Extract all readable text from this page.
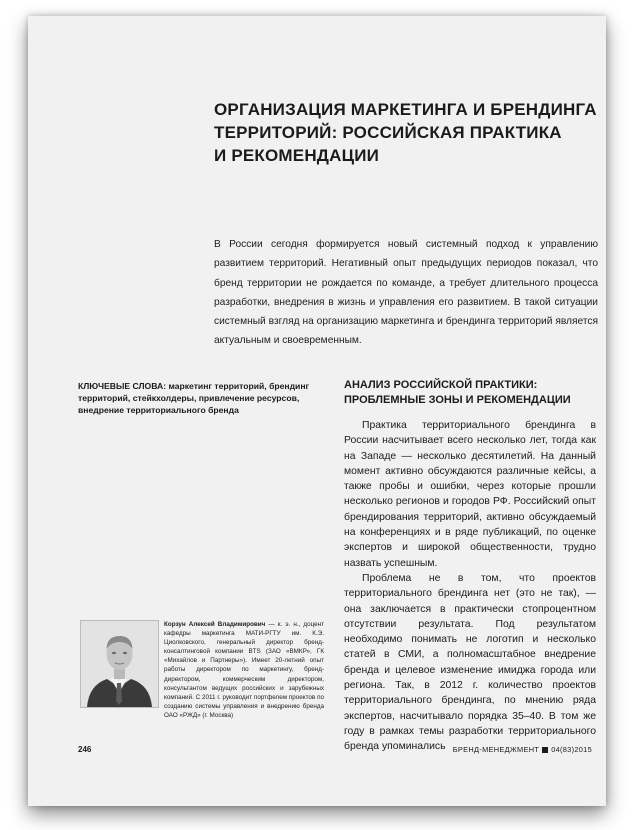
ОРГАНИЗАЦИЯ МАРКЕТИНГА И БРЕНДИНГА
ТЕРРИТОРИЙ: РОССИЙСКАЯ ПРАКТИКА
И РЕКОМЕНДАЦИИ
В России сегодня формируется новый системный подход к управлению развитием территорий. Негативный опыт предыдущих периодов показал, что бренд территории не рождается по команде, а требует длительного процесса разработки, внедрения в жизнь и управления его развитием. В такой ситуации системный взгляд на организацию маркетинга и брендинга территорий является актуальным и своевременным.
КЛЮЧЕВЫЕ СЛОВА: маркетинг территорий, брендинг территорий, стейкхолдеры, привлечение ресурсов, внедрение территориального бренда
АНАЛИЗ РОССИЙСКОЙ ПРАКТИКИ: ПРОБЛЕМНЫЕ ЗОНЫ И РЕКОМЕНДАЦИИ

Практика территориального брендинга в России насчитывает всего несколько лет, тогда как на Западе — несколько десятилетий. На данный момент активно обсуждаются различные кейсы, а также пробы и ошибки, через которые прошли несколько регионов и городов РФ. Российский опыт брендирования территорий, активно обсуждаемый на конференциях и в ряде публикаций, по оценке экспертов и широкой общественности, трудно назвать успешным.

Проблема не в том, что проектов территориального брендинга нет (это не так), — она заключается в практически стопроцентном отсутствии результата. Под результатом необходимо понимать не логотип и несколько статей в СМИ, а полномасштабное внедрение бренда и целевое изменение имиджа города или региона. Так, в 2012 г. количество проектов территориального брендинга, по мнению ряда экспертов, насчитывало порядка 35–40. В том же году в рамках темы разработки территориального бренда упоминались

Корзун Алексей Владимирович — к. э. н., доцент кафедры маркетинга МАТИ-РГТУ им. К.Э. Циолковского, генеральный директор бренд-консалтинговой компании BTS (ЗАО «ВМКР», ГК «Михайлов и Партнеры»). Имеет 20-летний опыт работы директором по маркетингу, бренд-директором, коммерческим директором, консультантом ведущих российских и зарубежных компаний. С 2011 г. руководит портфелем проектов по созданию системы управления и внедрению бренда ОАО «РЖД» (г. Москва)
246	БРЕНД-МЕНЕДЖМЕНТ 04(83)2015
